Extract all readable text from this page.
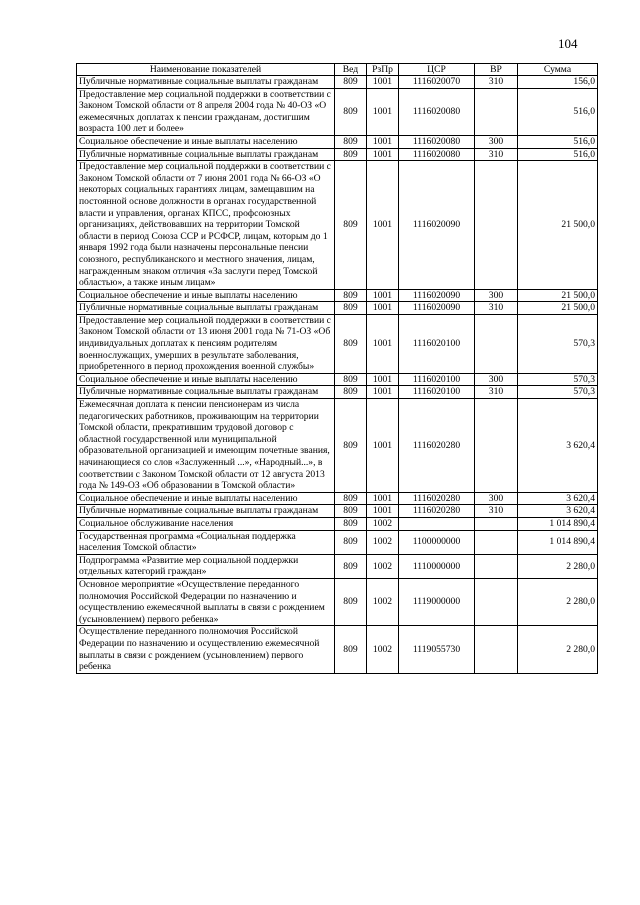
104
Наименование показателей	Вед	РзПр	ЦСР	ВР	Сумма
Публичные нормативные социальные выплаты гражданам	809	1001	1116020070	310	156,0
Предоставление мер социальной поддержки в соответствии с Законом Томской области от 8 апреля 2004 года № 40-ОЗ «О ежемесячных доплатах к пенсии гражданам, достигшим возраста 100 лет и более»	809	1001	1116020080		516,0
Социальное обеспечение и иные выплаты населению	809	1001	1116020080	300	516,0
Публичные нормативные социальные выплаты гражданам	809	1001	1116020080	310	516,0
Предоставление мер социальной поддержки в соответствии с Законом Томской области от 7 июня 2001 года № 66-ОЗ «О некоторых социальных гарантиях лицам, замещавшим на постоянной основе должности в органах государственной власти и управления, органах КПСС, профсоюзных организациях, действовавших на территории Томской области в период Союза ССР и РСФСР, лицам, которым до 1 января 1992 года были назначены персональные пенсии союзного, республиканского и местного значения, лицам, награжденным знаком отличия «За заслуги перед Томской областью», а также иным лицам»	809	1001	1116020090		21 500,0
Социальное обеспечение и иные выплаты населению	809	1001	1116020090	300	21 500,0
Публичные нормативные социальные выплаты гражданам	809	1001	1116020090	310	21 500,0
Предоставление мер социальной поддержки в соответствии с Законом Томской области от 13 июня 2001 года № 71-ОЗ «Об индивидуальных доплатах к пенсиям родителям военнослужащих, умерших в результате заболевания, приобретенного в период прохождения военной службы»	809	1001	1116020100		570,3
Социальное обеспечение и иные выплаты населению	809	1001	1116020100	300	570,3
Публичные нормативные социальные выплаты гражданам	809	1001	1116020100	310	570,3
Ежемесячная доплата к пенсии пенсионерам из числа педагогических работников, проживающим на территории Томской области, прекратившим трудовой договор с областной государственной или муниципальной образовательной организацией и имеющим почетные звания, начинающиеся со слов «Заслуженный ...», «Народный...», в соответствии с Законом Томской области от 12 августа 2013 года № 149-ОЗ «Об образовании в Томской области»	809	1001	1116020280		3 620,4
Социальное обеспечение и иные выплаты населению	809	1001	1116020280	300	3 620,4
Публичные нормативные социальные выплаты гражданам	809	1001	1116020280	310	3 620,4
Социальное обслуживание населения	809	1002			1 014 890,4
Государственная программа «Социальная поддержка населения Томской области»	809	1002	1100000000		1 014 890,4
Подпрограмма «Развитие мер социальной поддержки отдельных категорий граждан»	809	1002	1110000000		2 280,0
Основное мероприятие «Осуществление переданного полномочия Российской Федерации по назначению и осуществлению ежемесячной выплаты в связи с рождением (усыновлением) первого ребенка»	809	1002	1119000000		2 280,0
Осуществление переданного полномочия Российской Федерации по назначению и осуществлению ежемесячной выплаты в связи с рождением (усыновлением) первого ребенка	809	1002	1119055730		2 280,0
